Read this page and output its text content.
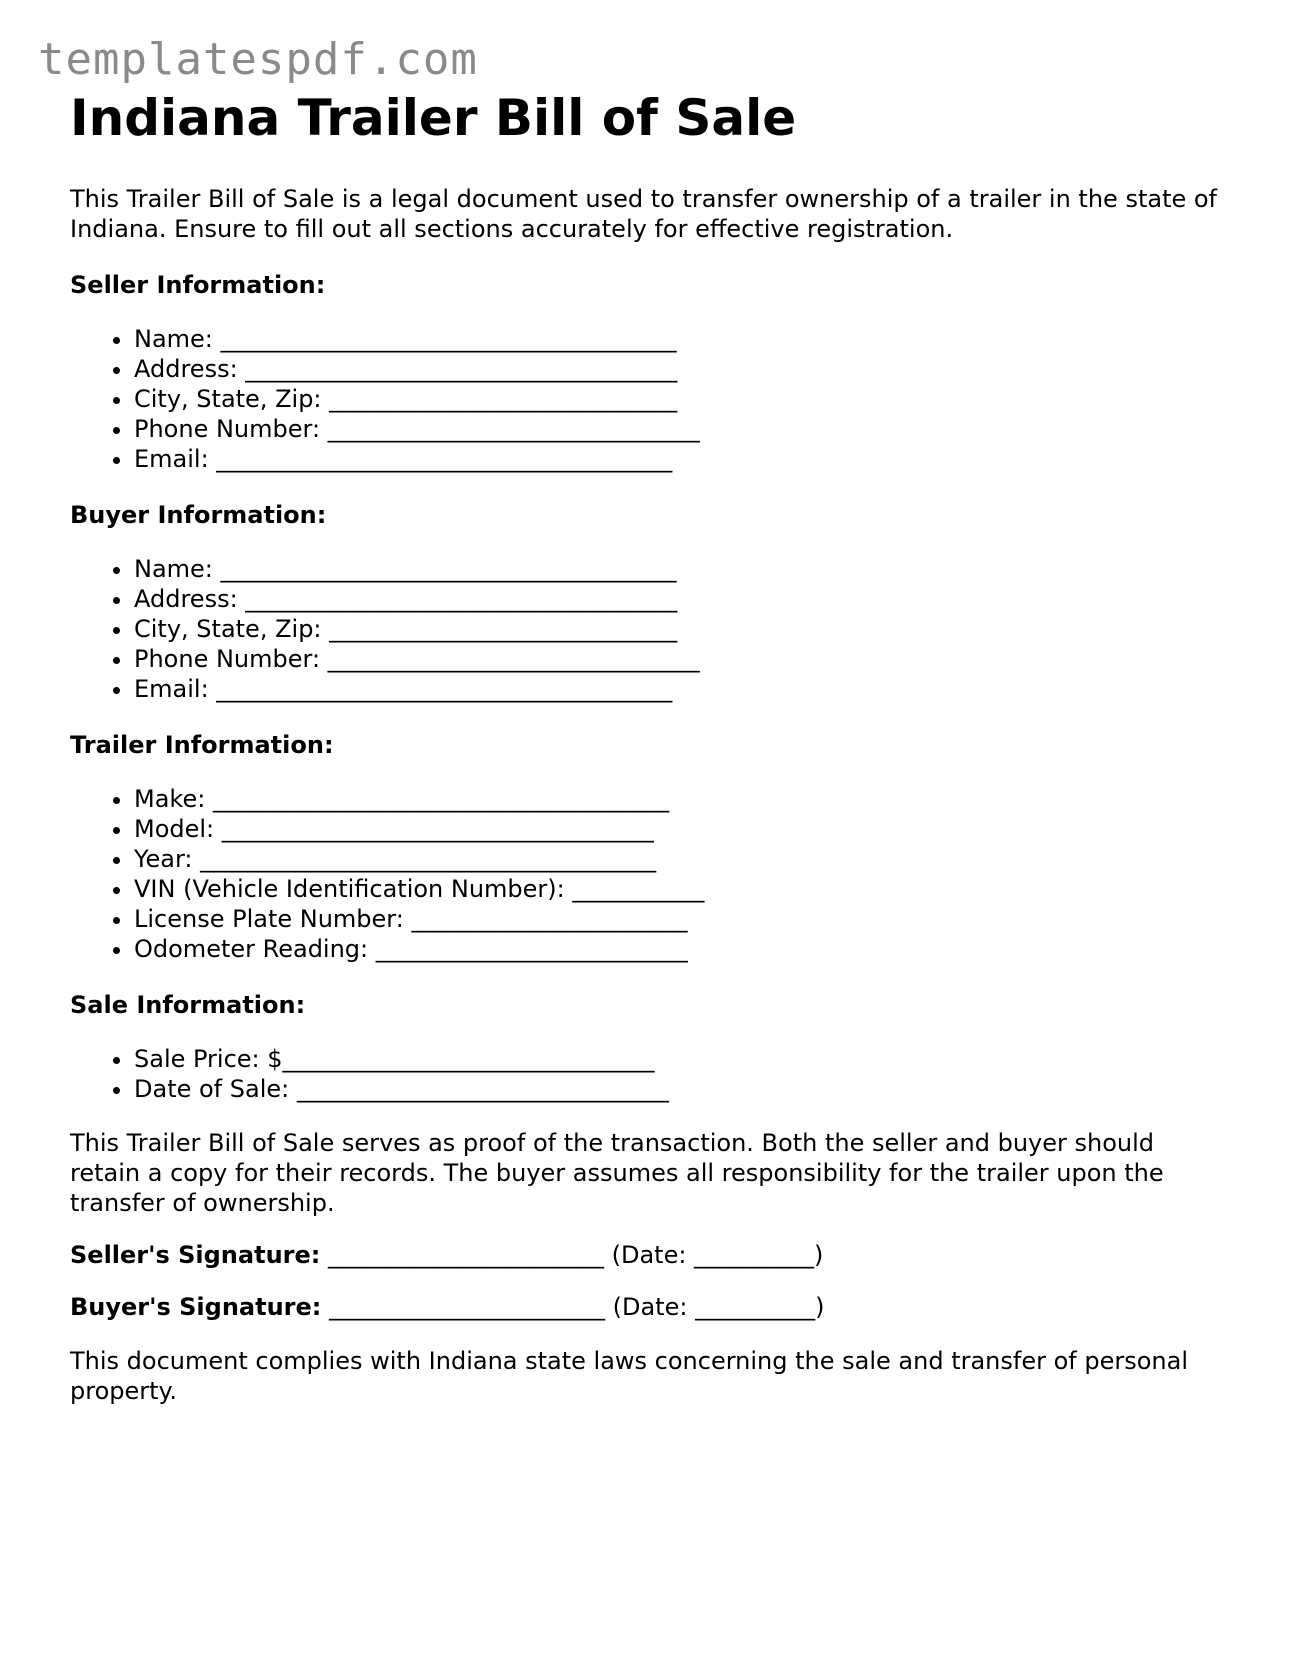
templatespdf.com
Indiana Trailer Bill of Sale

This Trailer Bill of Sale is a legal document used to transfer ownership of a trailer in the state of Indiana. Ensure to fill out all sections accurately for effective registration.

Seller Information:
• Name: ______________________________________
• Address: ____________________________________
• City, State, Zip: _____________________________
• Phone Number: _______________________________
• Email: ______________________________________
Buyer Information:
• Name: ______________________________________
• Address: ____________________________________
• City, State, Zip: _____________________________
• Phone Number: _______________________________
• Email: ______________________________________
Trailer Information:
• Make: ______________________________________
• Model: ____________________________________
• Year: ______________________________________
• VIN (Vehicle Identification Number): ___________
• License Plate Number: _______________________
• Odometer Reading: __________________________
Sale Information:
• Sale Price: $_______________________________
• Date of Sale: _______________________________

This Trailer Bill of Sale serves as proof of the transaction. Both the seller and buyer should retain a copy for their records. The buyer assumes all responsibility for the trailer upon the transfer of ownership.

Seller's Signature: _______________________ (Date: __________)
Buyer's Signature: _______________________ (Date: __________)

This document complies with Indiana state laws concerning the sale and transfer of personal property.
